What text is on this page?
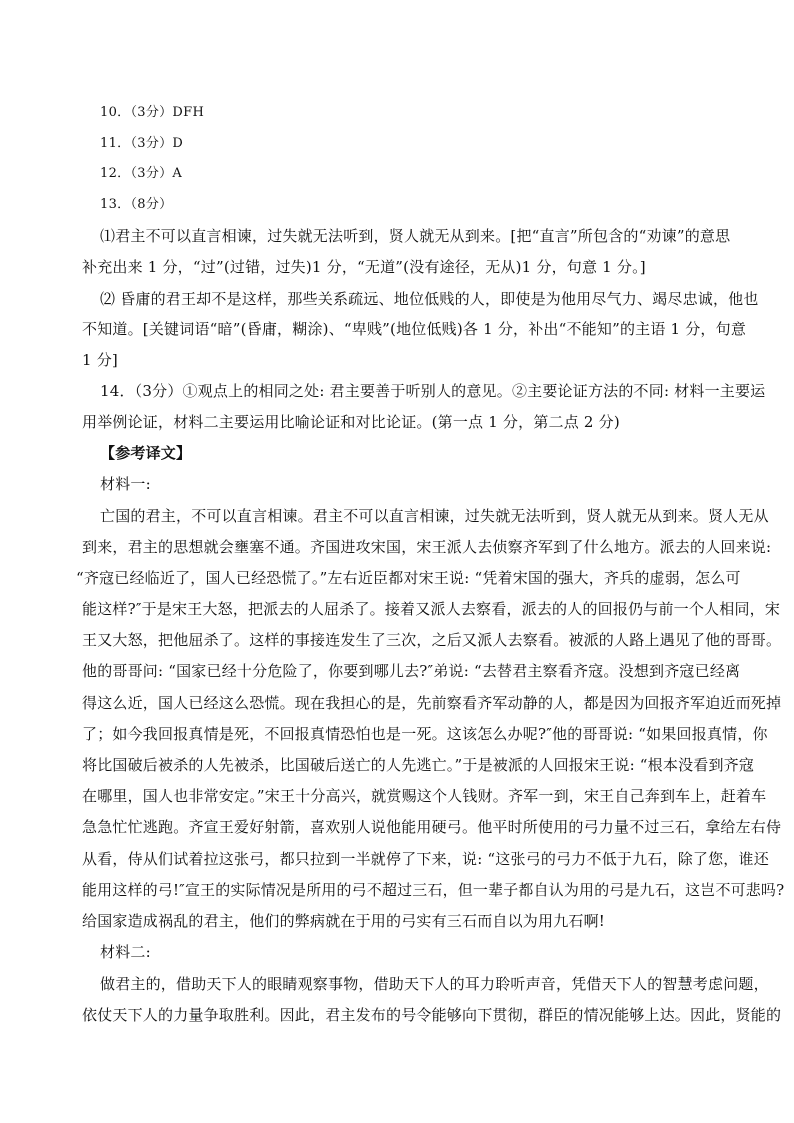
10．（3分）DFH
11．（3分）D
12．（3分）A
13．（8分）
⑴君主不可以直言相谏，过失就无法听到，贤人就无从到来。[把“直言”所包含的“劝谏”的意思
补充出来 1 分，“过”(过错，过失)1 分，“无道”(没有途径，无从)1 分，句意 1 分。]
⑵ 昏庸的君王却不是这样，那些关系疏远、地位低贱的人，即使是为他用尽气力、竭尽忠诚，他也
不知道。[关键词语“暗”(昏庸，糊涂)、“卑贱”(地位低贱)各 1 分，补出“不能知”的主语 1 分，句意
1 分]
14．（3分）①观点上的相同之处: 君主要善于听别人的意见。②主要论证方法的不同: 材料一主要运
用举例论证，材料二主要运用比喻论证和对比论证。(第一点 1 分，第二点 2 分)
【参考译文】
材料一:
亡国的君主，不可以直言相谏。君主不可以直言相谏，过失就无法听到，贤人就无从到来。贤人无从
到来，君主的思想就会壅塞不通。齐国进攻宋国，宋王派人去侦察齐军到了什么地方。派去的人回来说:
“齐寇已经临近了，国人已经恐慌了。”左右近臣都对宋王说: “凭着宋国的强大，齐兵的虚弱，怎么可
能这样?″于是宋王大怒，把派去的人屈杀了。接着又派人去察看，派去的人的回报仍与前一个人相同，宋
王又大怒，把他屈杀了。这样的事接连发生了三次，之后又派人去察看。被派的人路上遇见了他的哥哥。
他的哥哥问: “国家已经十分危险了，你要到哪儿去?″弟说: “去替君主察看齐寇。没想到齐寇已经离
得这么近，国人已经这么恐慌。现在我担心的是，先前察看齐军动静的人，都是因为回报齐军迫近而死掉
了；如今我回报真情是死，不回报真情恐怕也是一死。这该怎么办呢?″他的哥哥说: “如果回报真情，你
将比国破后被杀的人先被杀，比国破后送亡的人先逃亡。”于是被派的人回报宋王说: “根本没看到齐寇
在哪里，国人也非常安定。”宋王十分高兴，就赏赐这个人钱财。齐军一到，宋王自己奔到车上，赶着车
急急忙忙逃跑。齐宣王爱好射箭，喜欢别人说他能用硬弓。他平时所使用的弓力量不过三石，拿给左右侍
从看，侍从们试着拉这张弓，都只拉到一半就停了下来，说: “这张弓的弓力不低于九石，除了您，谁还
能用这样的弓!″宣王的实际情况是所用的弓不超过三石，但一辈子都自认为用的弓是九石，这岂不可悲吗?
给国家造成祸乱的君主，他们的弊病就在于用的弓实有三石而自以为用九石啊!
材料二:
做君主的，借助天下人的眼睛观察事物，借助天下人的耳力聆听声音，凭借天下人的智慧考虑问题，
依仗天下人的力量争取胜利。因此，君主发布的号令能够向下贯彻，群臣的情况能够上达。因此，贤能的
